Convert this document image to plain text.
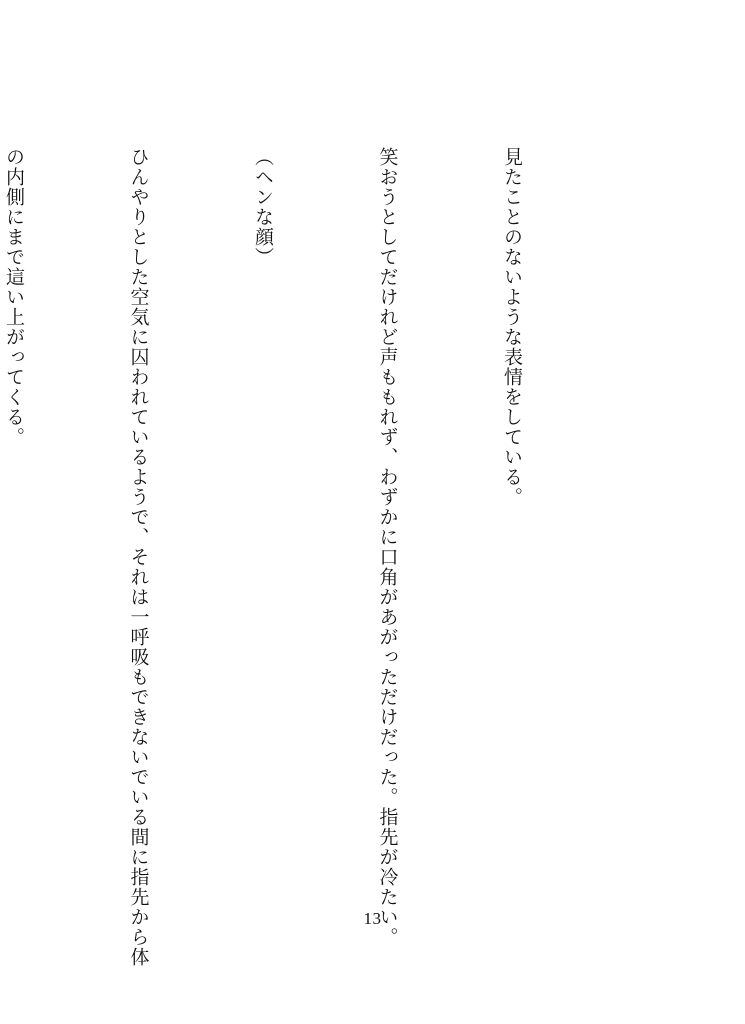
見たことのないような表情をしている。

笑おうとしてだけれど声ももれず、わずかに口角があがっただけだった。指先が冷たい。

（ヘンな顔）

ひんやりとした空気に囚われているようで、それは一呼吸もできないでいる間に指先から体

の内側にまで這い上がってくる。

13
